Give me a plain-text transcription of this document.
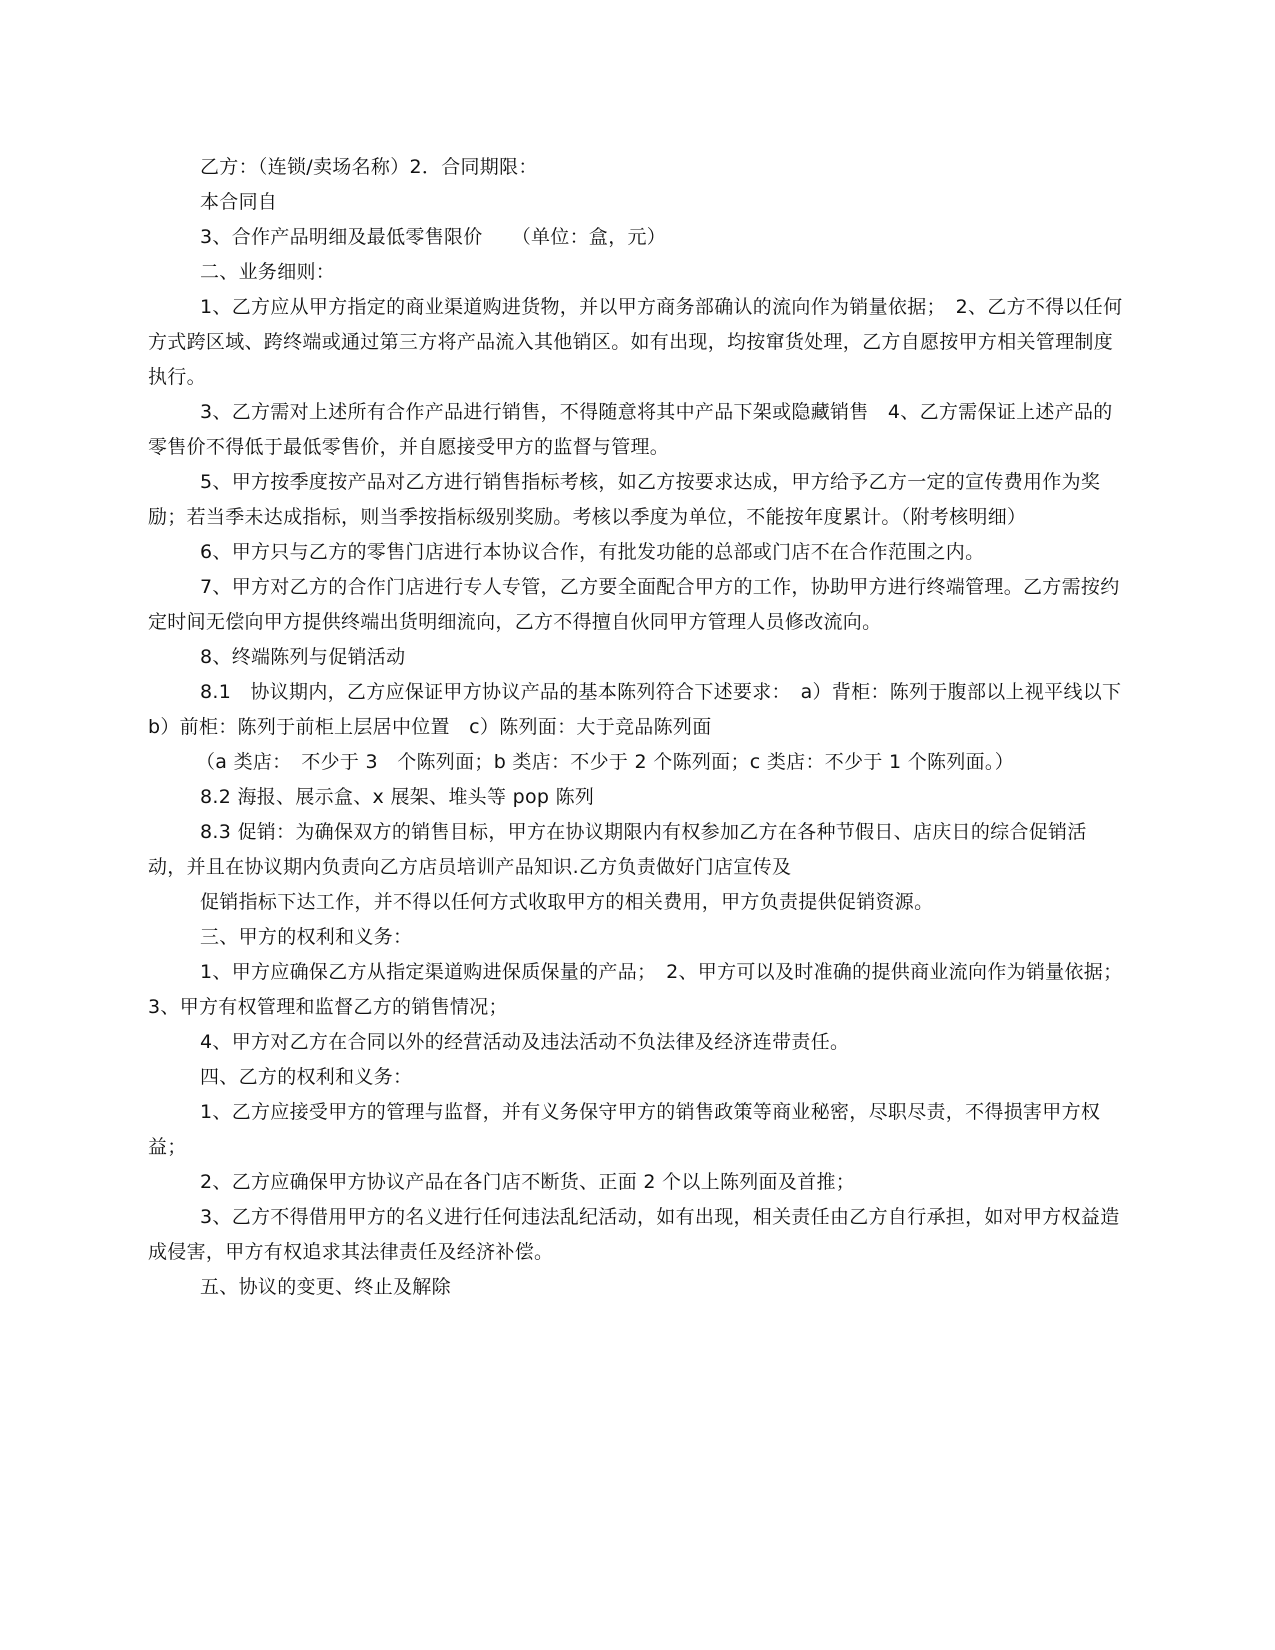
乙方：（连锁/卖场名称）2．合同期限：

本合同自

3、合作产品明细及最低零售限价　　（单位：盒，元）

二、业务细则：

1、乙方应从甲方指定的商业渠道购进货物，并以甲方商务部确认的流向作为销量依据；　2、乙方不得以任何方式跨区域、跨终端或通过第三方将产品流入其他销区。如有出现，均按窜货处理，乙方自愿按甲方相关管理制度执行。

3、乙方需对上述所有合作产品进行销售，不得随意将其中产品下架或隐藏销售　4、乙方需保证上述产品的零售价不得低于最低零售价，并自愿接受甲方的监督与管理。

5、甲方按季度按产品对乙方进行销售指标考核，如乙方按要求达成，甲方给予乙方一定的宣传费用作为奖励；若当季未达成指标，则当季按指标级别奖励。考核以季度为单位，不能按年度累计。（附考核明细）

6、甲方只与乙方的零售门店进行本协议合作，有批发功能的总部或门店不在合作范围之内。

7、甲方对乙方的合作门店进行专人专管，乙方要全面配合甲方的工作，协助甲方进行终端管理。乙方需按约定时间无偿向甲方提供终端出货明细流向，乙方不得擅自伙同甲方管理人员修改流向。

8、终端陈列与促销活动

8.1　协议期内，乙方应保证甲方协议产品的基本陈列符合下述要求：　a）背柜：陈列于腹部以上视平线以下　b）前柜：陈列于前柜上层居中位置　c）陈列面：大于竞品陈列面

（a 类店：　不少于 3　个陈列面；b 类店：不少于 2 个陈列面；c 类店：不少于 1 个陈列面。）

8.2 海报、展示盒、x 展架、堆头等 pop 陈列

8.3 促销：为确保双方的销售目标，甲方在协议期限内有权参加乙方在各种节假日、店庆日的综合促销活动，并且在协议期内负责向乙方店员培训产品知识.乙方负责做好门店宣传及

促销指标下达工作，并不得以任何方式收取甲方的相关费用，甲方负责提供促销资源。

三、甲方的权利和义务：

1、甲方应确保乙方从指定渠道购进保质保量的产品；　2、甲方可以及时准确的提供商业流向作为销量依据；　3、甲方有权管理和监督乙方的销售情况；

4、甲方对乙方在合同以外的经营活动及违法活动不负法律及经济连带责任。

四、乙方的权利和义务：

1、乙方应接受甲方的管理与监督，并有义务保守甲方的销售政策等商业秘密，尽职尽责，不得损害甲方权益；

2、乙方应确保甲方协议产品在各门店不断货、正面 2 个以上陈列面及首推；

3、乙方不得借用甲方的名义进行任何违法乱纪活动，如有出现，相关责任由乙方自行承担，如对甲方权益造成侵害，甲方有权追求其法律责任及经济补偿。

五、协议的变更、终止及解除
